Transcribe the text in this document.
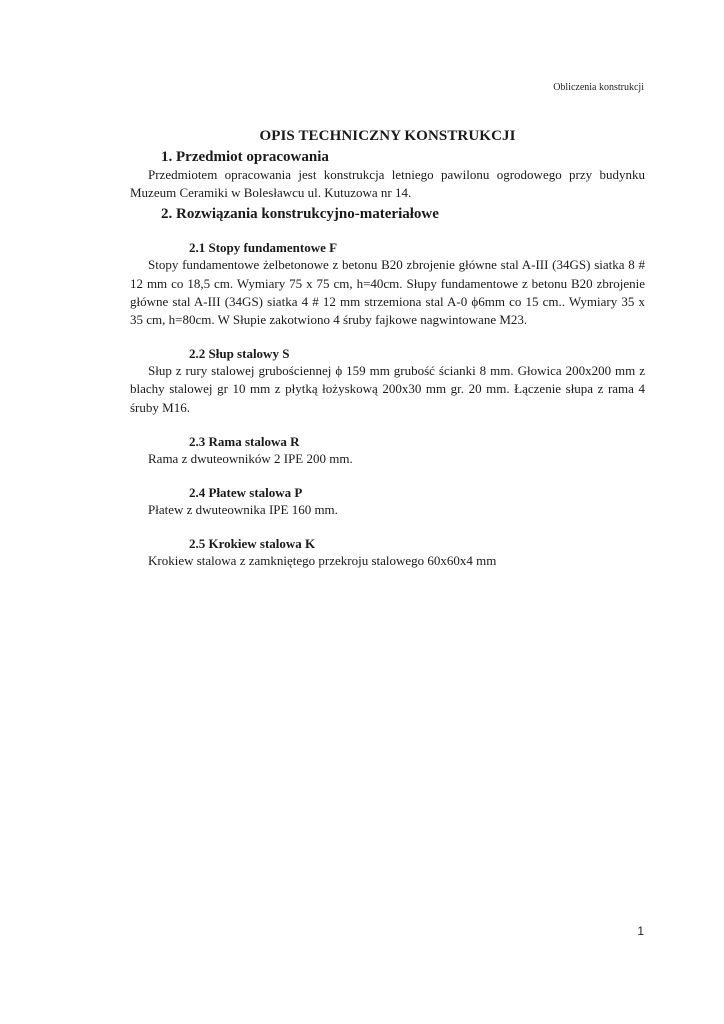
Obliczenia konstrukcji
OPIS TECHNICZNY KONSTRUKCJI
1. Przedmiot opracowania

Przedmiotem opracowania jest konstrukcja letniego pawilonu ogrodowego przy budynku Muzeum Ceramiki w Bolesławcu ul. Kutuzowa nr 14.

2. Rozwiązania konstrukcyjno-materiałowe
2.1 Stopy fundamentowe F

Stopy fundamentowe żelbetonowe z betonu B20 zbrojenie główne stal A-III (34GS) siatka 8 # 12 mm co 18,5 cm. Wymiary 75 x 75 cm, h=40cm. Słupy fundamentowe z betonu B20 zbrojenie główne stal A-III (34GS) siatka 4 # 12 mm strzemiona stal A-0 ϕ6mm co 15 cm.. Wymiary 35 x 35 cm, h=80cm. W Słupie zakotwiono 4 śruby fajkowe nagwintowane M23.

2.2 Słup stalowy S

Słup z rury stalowej grubościennej ϕ 159 mm grubość ścianki 8 mm. Głowica 200x200 mm z blachy stalowej gr 10 mm z płytką łożyskową 200x30 mm gr. 20 mm. Łączenie słupa z rama 4 śruby M16.

2.3 Rama stalowa R

Rama z dwuteowników 2 IPE 200 mm.

2.4 Płatew stalowa P

Płatew z dwuteownika IPE 160 mm.

2.5 Krokiew stalowa K

Krokiew stalowa z zamkniętego przekroju stalowego 60x60x4 mm

1
